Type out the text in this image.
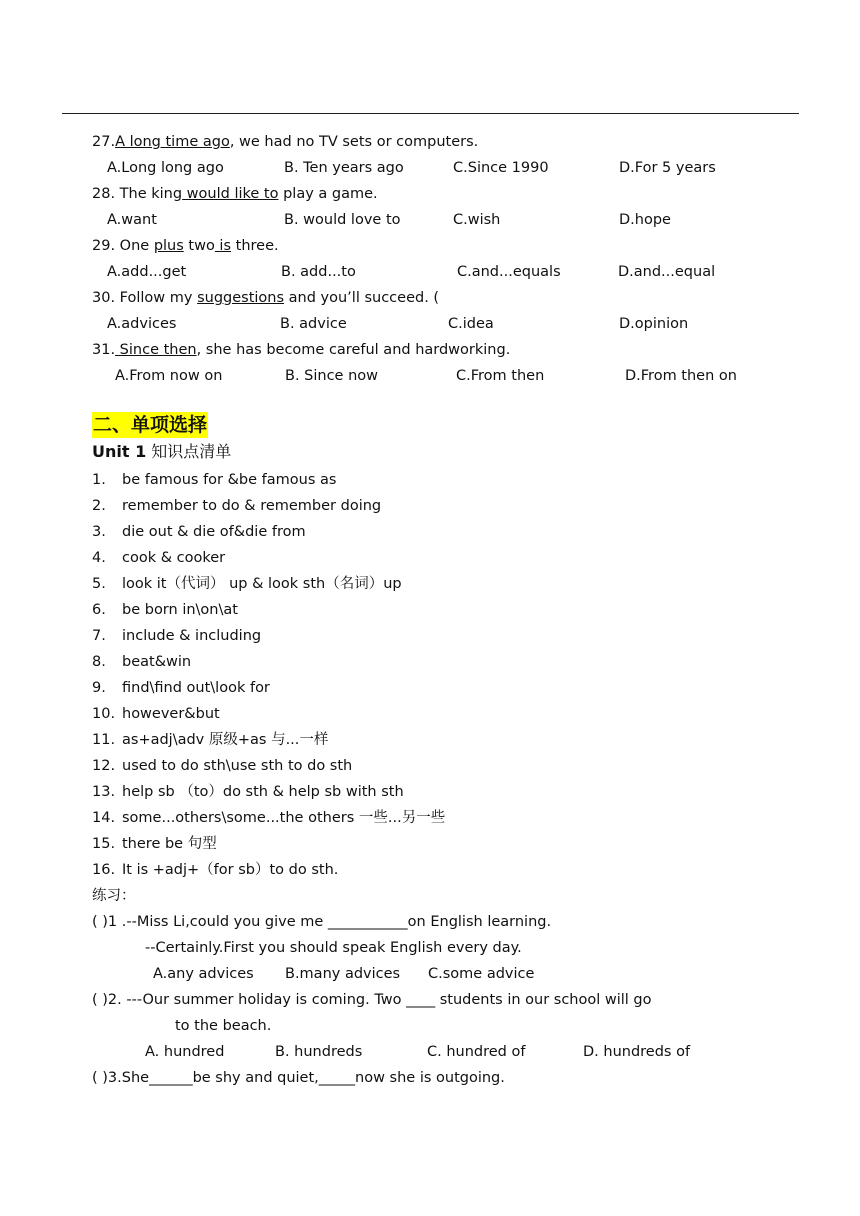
27.A long time ago, we had no TV sets or computers.
A.Long long ago	B. Ten years ago	C.Since 1990	D.For 5 years
28. The king would like to play a game.
A.want	B. would love to	C.wish	D.hope
29. One plus two is three.
A.add...get	B. add...to	C.and...equals	D.and...equal
30. Follow my suggestions and you’ll succeed. (
A.advices	B. advice	C.idea	D.opinion
31. Since then, she has become careful and hardworking.
A.From now on	B. Since now	C.From then	D.From then on
二、单项选择
Unit 1 知识点清单
1. be famous for &be famous as
2. remember to do & remember doing
3. die out & die of&die from
4. cook & cooker
5. look it（代词） up & look sth（名词）up
6. be born in\on\at
7. include & including
8. beat&win
9. find\find out\look for
10. however&but
11. as+adj\adv 原级+as 与...一样
12. used to do sth\use sth to do sth
13. help sb （to）do sth & help sb with sth
14. some...others\some...the others 一些...另一些
15. there be 句型
16. It is +adj+（for sb）to do sth.
练习：
( )1 .--Miss Li,could you give me ___________on English learning.
--Certainly.First you should speak English every day.
A.any advices B.many advices C.some advice
( )2. ---Our summer holiday is coming. Two ____ students in our school will go
to the beach.
A. hundred	B. hundreds	C. hundred of	D. hundreds of
( )3.She______be shy and quiet,_____now she is outgoing.
